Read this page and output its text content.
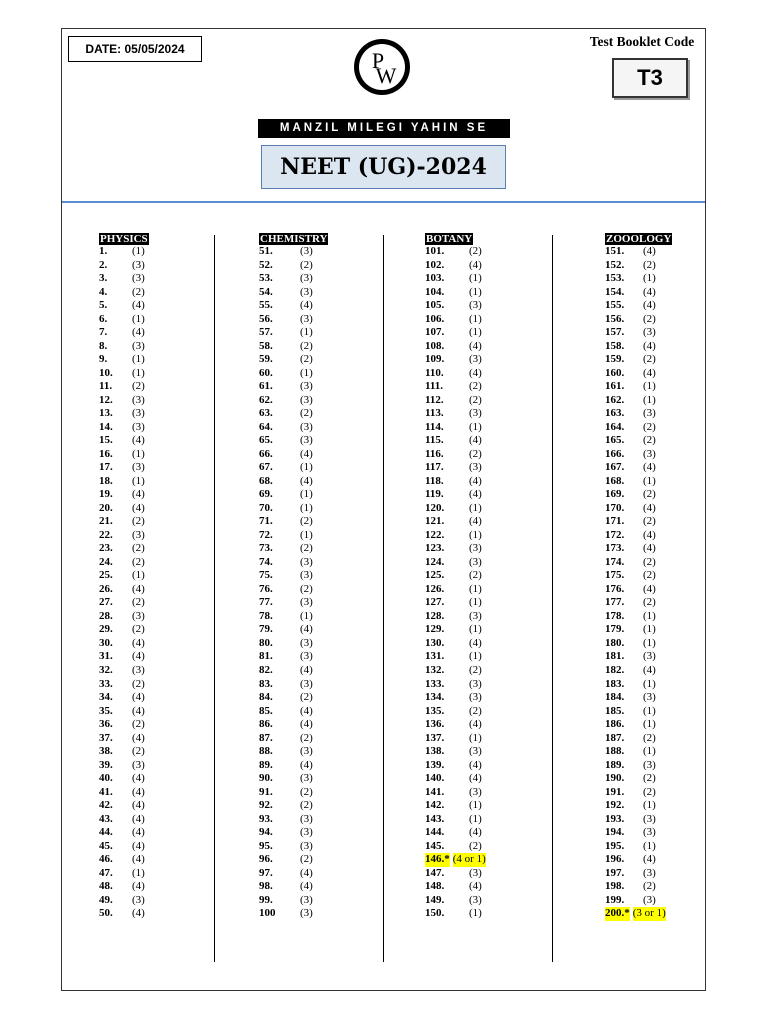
DATE: 05/05/2024	P
W
MANZIL MILEGI YAHIN SE
NEET (UG)-2024
Test Booklet Code
T3
PHYSICS
1. (1)
2. (3)
3. (3)
4. (2)
5. (4)
6. (1)
7. (4)
8. (3)
9. (1)
10. (1)
11. (2)
12. (3)
13. (3)
14. (3)
15. (4)
16. (1)
17. (3)
18. (1)
19. (4)
20. (4)
21. (2)
22. (3)
23. (2)
24. (2)
25. (1)
26. (4)
27. (2)
28. (3)
29. (2)
30. (4)
31. (4)
32. (3)
33. (2)
34. (4)
35. (4)
36. (2)
37. (4)
38. (2)
39. (3)
40. (4)
41. (4)
42. (4)
43. (4)
44. (4)
45. (4)
46. (4)
47. (1)
48. (4)
49. (3)
50. (4)
CHEMISTRY
51. (3)
52. (2)
53. (3)
54. (3)
55. (4)
56. (3)
57. (1)
58. (2)
59. (2)
60. (1)
61. (3)
62. (3)
63. (2)
64. (3)
65. (3)
66. (4)
67. (1)
68. (4)
69. (1)
70. (1)
71. (2)
72. (1)
73. (2)
74. (3)
75. (3)
76. (2)
77. (3)
78. (1)
79. (4)
80. (3)
81. (3)
82. (4)
83. (3)
84. (2)
85. (4)
86. (4)
87. (2)
88. (3)
89. (4)
90. (3)
91. (2)
92. (2)
93. (3)
94. (3)
95. (3)
96. (2)
97. (4)
98. (4)
99. (3)
100 (3)
BOTANY
101. (2)
102. (4)
103. (1)
104. (1)
105. (3)
106. (1)
107. (1)
108. (4)
109. (3)
110. (4)
111. (2)
112. (2)
113. (3)
114. (1)
115. (4)
116. (2)
117. (3)
118. (4)
119. (4)
120. (1)
121. (4)
122. (1)
123. (3)
124. (3)
125. (2)
126. (1)
127. (1)
128. (3)
129. (1)
130. (4)
131. (1)
132. (2)
133. (3)
134. (3)
135. (2)
136. (4)
137. (1)
138. (3)
139. (4)
140. (4)
141. (3)
142. (1)
143. (1)
144. (4)
145. (2)
146.* (4 or 1)
147. (3)
148. (4)
149. (3)
150. (1)
ZOOOLOGY
151. (4)
152. (2)
153. (1)
154. (4)
155. (4)
156. (2)
157. (3)
158. (4)
159. (2)
160. (4)
161. (1)
162. (1)
163. (3)
164. (2)
165. (2)
166. (3)
167. (4)
168. (1)
169. (2)
170. (4)
171. (2)
172. (4)
173. (4)
174. (2)
175. (2)
176. (4)
177. (2)
178. (1)
179. (1)
180. (1)
181. (3)
182. (4)
183. (1)
184. (3)
185. (1)
186. (1)
187. (2)
188. (1)
189. (3)
190. (2)
191. (2)
192. (1)
193. (3)
194. (3)
195. (1)
196. (4)
197. (3)
198. (2)
199. (3)
200.* (3 or 1)
